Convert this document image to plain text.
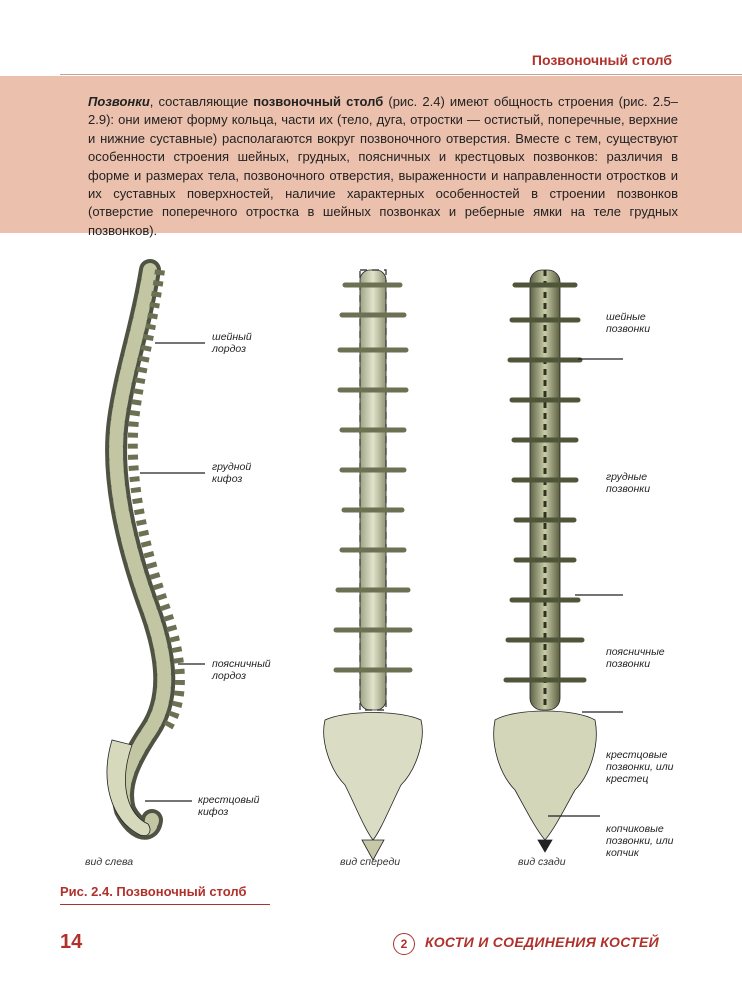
Позвоночный столб
Позвонки, составляющие позвоночный столб (рис. 2.4) имеют общность строения (рис. 2.5–2.9): они имеют форму кольца, части их (тело, дуга, отростки — остистый, поперечные, верхние и нижние суставные) располагаются вокруг позвоночного отверстия. Вместе с тем, существуют особенности строения шейных, грудных, поясничных и крестцовых позвонков: различия в форме и размерах тела, позвоночного отверстия, выраженности и направленности отростков и их суставных поверхностей, наличие характерных особенностей в строении позвонков (отверстие поперечного отростка в шейных позвонках и реберные ямки на теле грудных позвонков).
шейный лордоз
грудной кифоз
поясничный лордоз
крестцовый кифоз
шейные позвонки
грудные позвонки
поясничные позвонки
крестцовые позвонки, или крестец
копчиковые позвонки, или копчик
вид слева	вид спереди	вид сзади
Рис. 2.4. Позвоночный столб
14	2 КОСТИ И СОЕДИНЕНИЯ КОСТЕЙ
